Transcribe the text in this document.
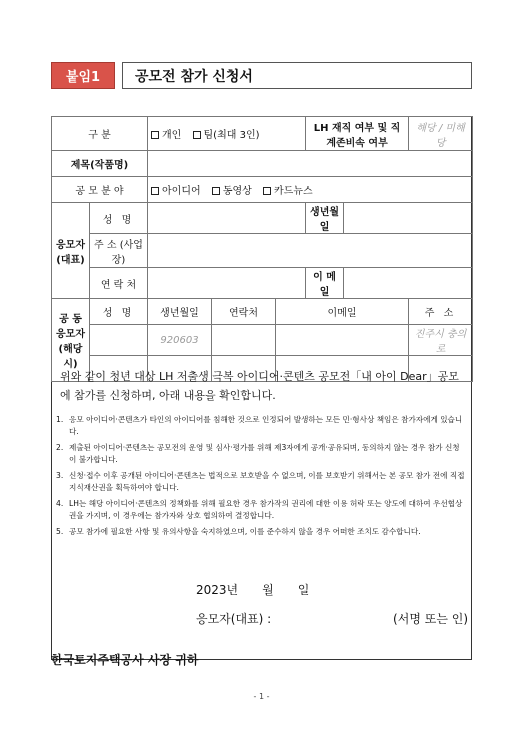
붙임1	공모전 참가 신청서
구 분		개인 팀(최대 3인)			LH 재직 여부 및 직계존비속 여부		해당 / 미해당
제목(작품명)							
공 모 분 야		아이디어 동영상 카드뉴스					
응모자 (대표)	성 명				생년월일		
	주 소 (사업장)						
	연 락 처				이 메 일		
공 동 응모자 (해당시)	성 명	생년월일	연락처	이메일			주 소
		920603					진주시 충의로

위와 같이 청년 대상 LH 저출생 극복 아이디어·콘텐츠 공모전「내 아이 Dear」공모에 참가를 신청하며, 아래 내용을 확인합니다.
1. 응모 아이디어·콘텐츠가 타인의 아이디어를 침해한 것으로 인정되어 발생하는 모든 민·형사상 책임은 참가자에게 있습니다.
2. 제출된 아이디어·콘텐츠는 공모전의 운영 및 심사·평가를 위해 제3자에게 공개·공유되며, 동의하지 않는 경우 참가 신청이 불가합니다.
3. 신청·접수 이후 공개된 아이디어·콘텐츠는 법적으로 보호받을 수 없으며, 이를 보호받기 위해서는 본 공모 참가 전에 직접 지식재산권을 획득하여야 합니다.
4. LH는 해당 아이디어·콘텐츠의 정책화를 위해 필요한 경우 참가작의 권리에 대한 이용 허락 또는 양도에 대하여 우선협상권을 가지며, 이 경우에는 참가자와 상호 협의하여 결정합니다.
5. 공모 참가에 필요한 사항 및 유의사항을 숙지하였으며, 이를 준수하지 않을 경우 어떠한 조치도 감수합니다.
2023년 월 일
응모자(대표) :	(서명 또는 인)
한국토지주택공사 사장 귀하
- 1 -
